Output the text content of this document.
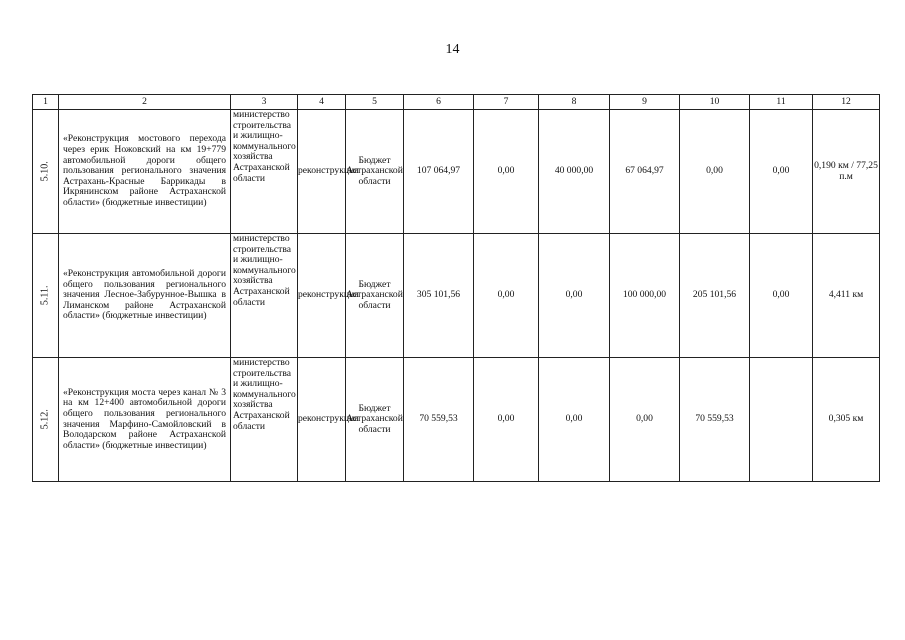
14
1	2	3	4	5	6	7	8	9	10	11	12
5.10.	«Реконструкция мостового перехода через ерик Ножовский на км 19+779 автомобильной дороги общего пользования регионального значения Астрахань-Красные Баррикады в Икрянинском районе Астраханской области» (бюджетные инвестиции)	министерство строительства и жилищно-коммунального хозяйства Астраханской области	реконструкция	Бюджет Астраханской области	107 064,97	0,00	40 000,00	67 064,97	0,00	0,00	0,190 км / 77,25 п.м
5.11.	«Реконструкция автомобильной дороги общего пользования регионального значения Лесное-Забурунное-Вышка в Лиманском районе Астраханской области» (бюджетные инвестиции)	министерство строительства и жилищно-коммунального хозяйства Астраханской области	реконструкция	Бюджет Астраханской области	305 101,56	0,00	0,00	100 000,00	205 101,56	0,00	4,411 км
5.12.	«Реконструкция моста через канал № 3 на км 12+400 автомобильной дороги общего пользования регионального значения Марфино-Самойловский в Володарском районе Астраханской области» (бюджетные инвестиции)	министерство строительства и жилищно-коммунального хозяйства Астраханской области	реконструкция	Бюджет Астраханской области	70 559,53	0,00	0,00	0,00	70 559,53		0,305 км
